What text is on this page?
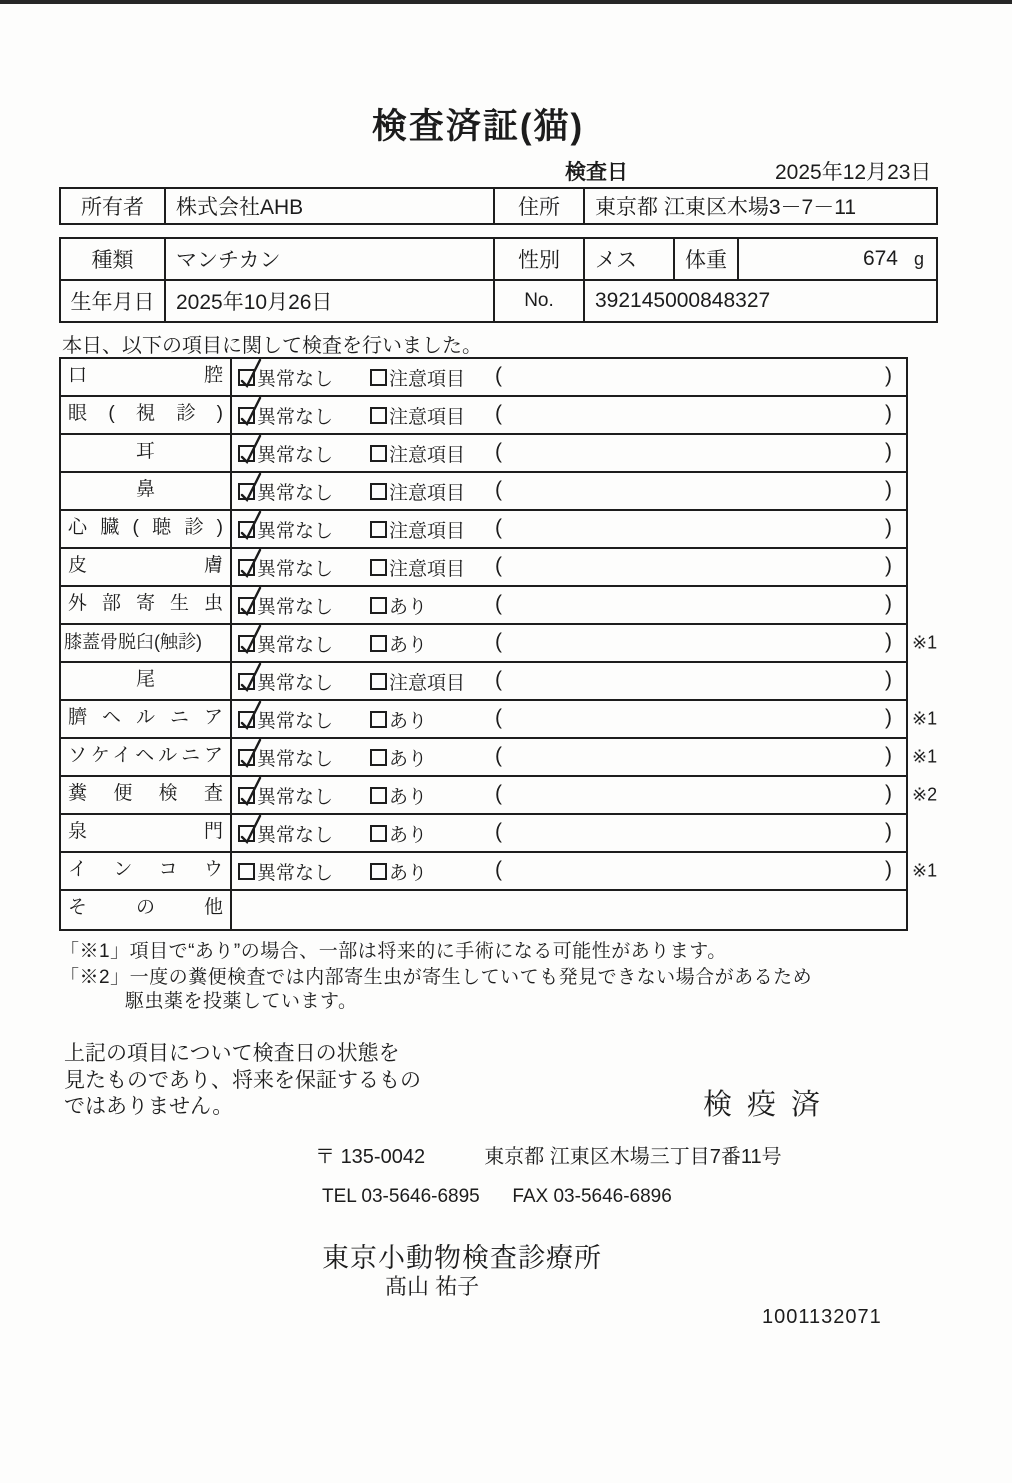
検査済証(猫)
検査日	2025年12月23日
所有者	株式会社AHB	住所	東京都 江東区木場3－7－11
種類	マンチカン	性別	メス	体重	674 g
生年月日	2025年10月26日	No.	392145000848327
本日、以下の項目に関して検査を行いました。
口腔	異常なし	注意項目 (	)
眼(視診)	異常なし	注意項目 (	)
耳	異常なし	注意項目 (	)
鼻	異常なし	注意項目 (	)
心臓(聴診)	異常なし	注意項目 (	)
皮膚	異常なし	注意項目 (	)
外部寄生虫	異常なし	あり	(	)
膝蓋骨脱臼(触診)	異常なし	あり	(	) ※1
尾	異常なし	注意項目 (	)
臍ヘルニア	異常なし	あり	(	) ※1
ソケイヘルニア	異常なし	あり	(	) ※1
糞便検査	異常なし	あり	(	) ※2
泉門	異常なし	あり	(	)
インコウ	異常なし	あり	(	) ※1
その他
「※1」項目で“あり”の場合、一部は将来的に手術になる可能性があります。
「※2」一度の糞便検査では内部寄生虫が寄生していても発見できない場合があるため
駆虫薬を投薬しています。
上記の項目について検査日の状態を
見たものであり、将来を保証するもの
ではありません。	検疫済
〒 135-0042	東京都 江東区木場三丁目7番11号
TEL 03-5646-6895 FAX 03-5646-6896
東京小動物検査診療所
髙山 祐子
1001132071
